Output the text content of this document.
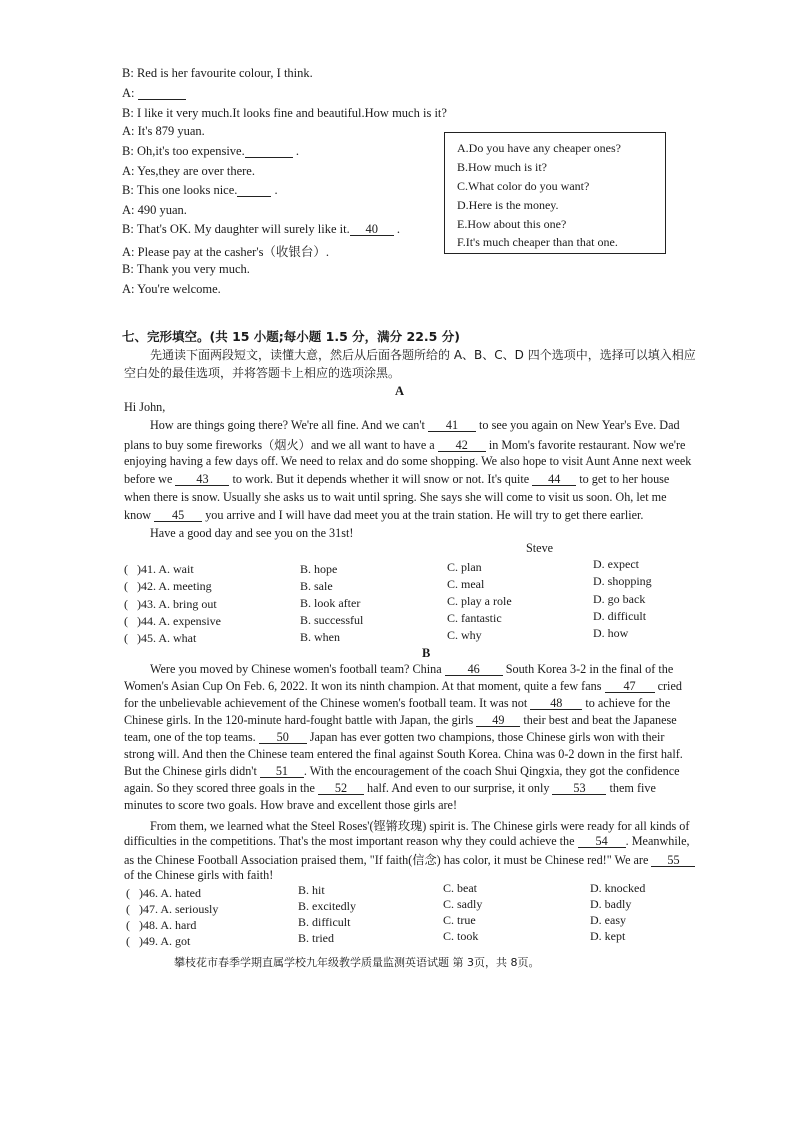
B: Red is her favourite colour, I think.
A:
B: I like it very much.It looks fine and beautiful.How much is it?
A: It's 879 yuan.
B: Oh,it's too expensive.	.
A: Yes,they are over there.
B: This one looks nice.	.
A: 490 yuan.
B: That's OK. My daughter will surely like it. 40 .
A: Please pay at the casher's（收银台）.
B: Thank you very much.
A: You're welcome.
A.Do you have any cheaper ones?
B.How much is it?
C.What color do you want?
D.Here is the money.
E.How about this one?
F.It's much cheaper than that one.
七、完形填空。(共 15 小题;每小题 1.5 分，满分 22.5 分)
先通读下面两段短文，读懂大意，然后从后面各题所给的 A、B、C、D 四个选项中，选择可以填入相应
空白处的最佳选项，并将答题卡上相应的选项涂黑。
A
Hi John,
How are things going there? We're all fine. And we can't 41 to see you again on New Year's Eve. Dad
plans to buy some fireworks（烟火）and we all want to have a 42 in Mom's favorite restaurant. Now we're
enjoying having a few days off. We need to relax and do some shopping. We also hope to visit Aunt Anne next week
before we 43 to work. But it depends whether it will snow or not. It's quite 44 to get to her house
when there is snow. Usually she asks us to wait until spring. She says she will come to visit us soon. Oh, let me
know 45 you arrive and I will have dad meet you at the train station. He will try to get there earlier.
Have a good day and see you on the 31st!
Steve
(   )41. A. wait	B. hope	C. plan	D. expect
(   )42. A. meeting	B. sale	C. meal	D. shopping
(   )43. A. bring out	B. look after	C. play a role	D. go back
(   )44. A. expensive	B. successful	C. fantastic	D. difficult
(   )45. A. what	B. when	C. why	D. how
B
Were you moved by Chinese women's football team? China 46 South Korea 3-2 in the final of the
Women's Asian Cup On Feb. 6, 2022. It won its ninth champion. At that moment, quite a few fans 47 cried
for the unbelievable achievement of the Chinese women's football team. It was not 48 to achieve for the
Chinese girls. In the 120-minute hard-fought battle with Japan, the girls 49 their best and beat the Japanese
team, one of the top teams. 50 Japan has ever gotten two champions, those Chinese girls won with their
strong will. And then the Chinese team entered the final against South Korea. China was 0-2 down in the first half.
But the Chinese girls didn't 51 . With the encouragement of the coach Shui Qingxia, they got the confidence
again. So they scored three goals in the 52 half. And even to our surprise, it only 53 them five
minutes to score two goals. How brave and excellent those girls are!
From them, we learned what the Steel Roses'(铿锵玫瑰) spirit is. The Chinese girls were ready for all kinds of
difficulties in the competitions. That's the most important reason why they could achieve the 54 . Meanwhile,
as the Chinese Football Association praised them, "If faith(信念) has color, it must be Chinese red!" We are 55
of the Chinese girls with faith!
(   )46. A. hated	B. hit	C. beat	D. knocked
(   )47. A. seriously	B. excitedly	C. sadly	D. badly
(   )48. A. hard	B. difficult	C. true	D. easy
(   )49. A. got	B. tried	C. took	D. kept
攀枝花市春季学期直属学校九年级教学质量监测英语试题 第 3页，共 8页。
